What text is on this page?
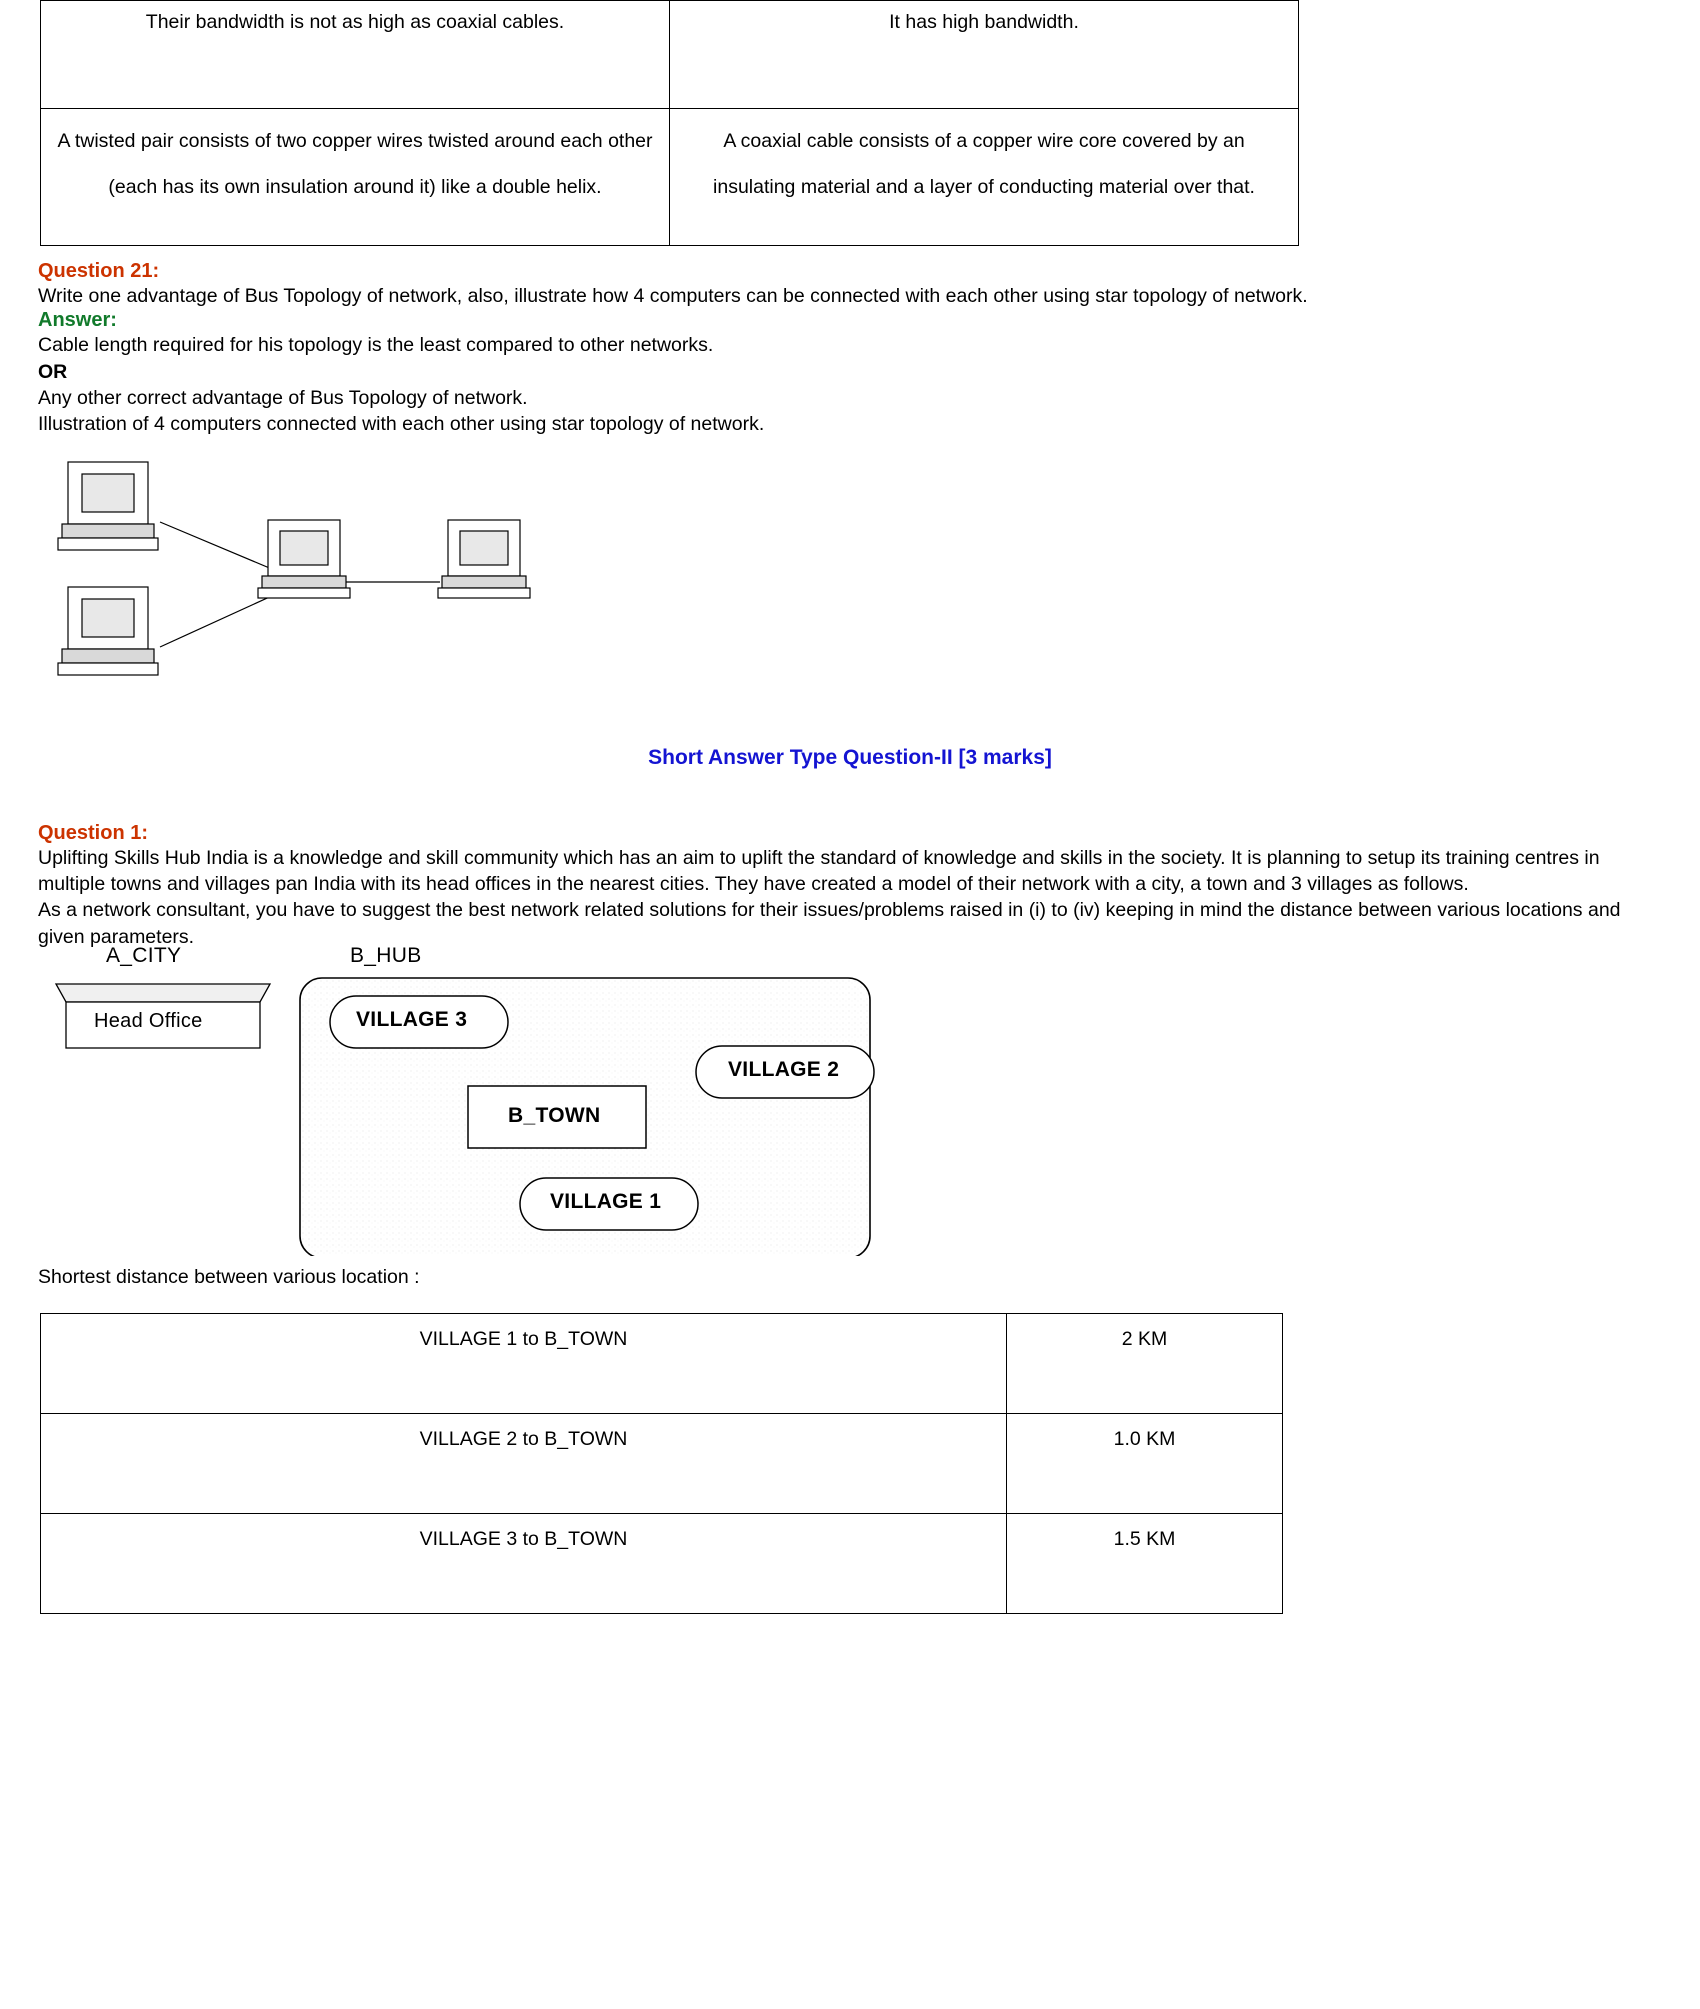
Their bandwidth is not as high as coaxial cables.	It has high bandwidth.
A twisted pair consists of two copper wires twisted around each other (each has its own insulation around it) like a double helix.	A coaxial cable consists of a copper wire core covered by an insulating material and a layer of conducting material over that.
Question 21:

Write one advantage of Bus Topology of network, also, illustrate how 4 computers can be connected with each other using star topology of network.

Answer:

Cable length required for his topology is the least compared to other networks.

OR

Any other correct advantage of Bus Topology of network.

Illustration of 4 computers connected with each other using star topology of network.

Short Answer Type Question-II [3 marks]
Question 1:

Uplifting Skills Hub India is a knowledge and skill community which has an aim to uplift the standard of knowledge and skills in the society. It is planning to setup its training centres in multiple towns and villages pan India with its head offices in the nearest cities. They have created a model of their network with a city, a town and 3 villages as follows.

As a network consultant, you have to suggest the best network related solutions for their issues/problems raised in (i) to (iv) keeping in mind the distance between various locations and given parameters.

A_CITY	B_HUB
Head Office	VILLAGE 3
VILLAGE 2
B_TOWN
VILLAGE 1
Shortest distance between various location :
VILLAGE 1 to B_TOWN	2 KM
VILLAGE 2 to B_TOWN	1.0 KM
VILLAGE 3 to B_TOWN	1.5 KM
